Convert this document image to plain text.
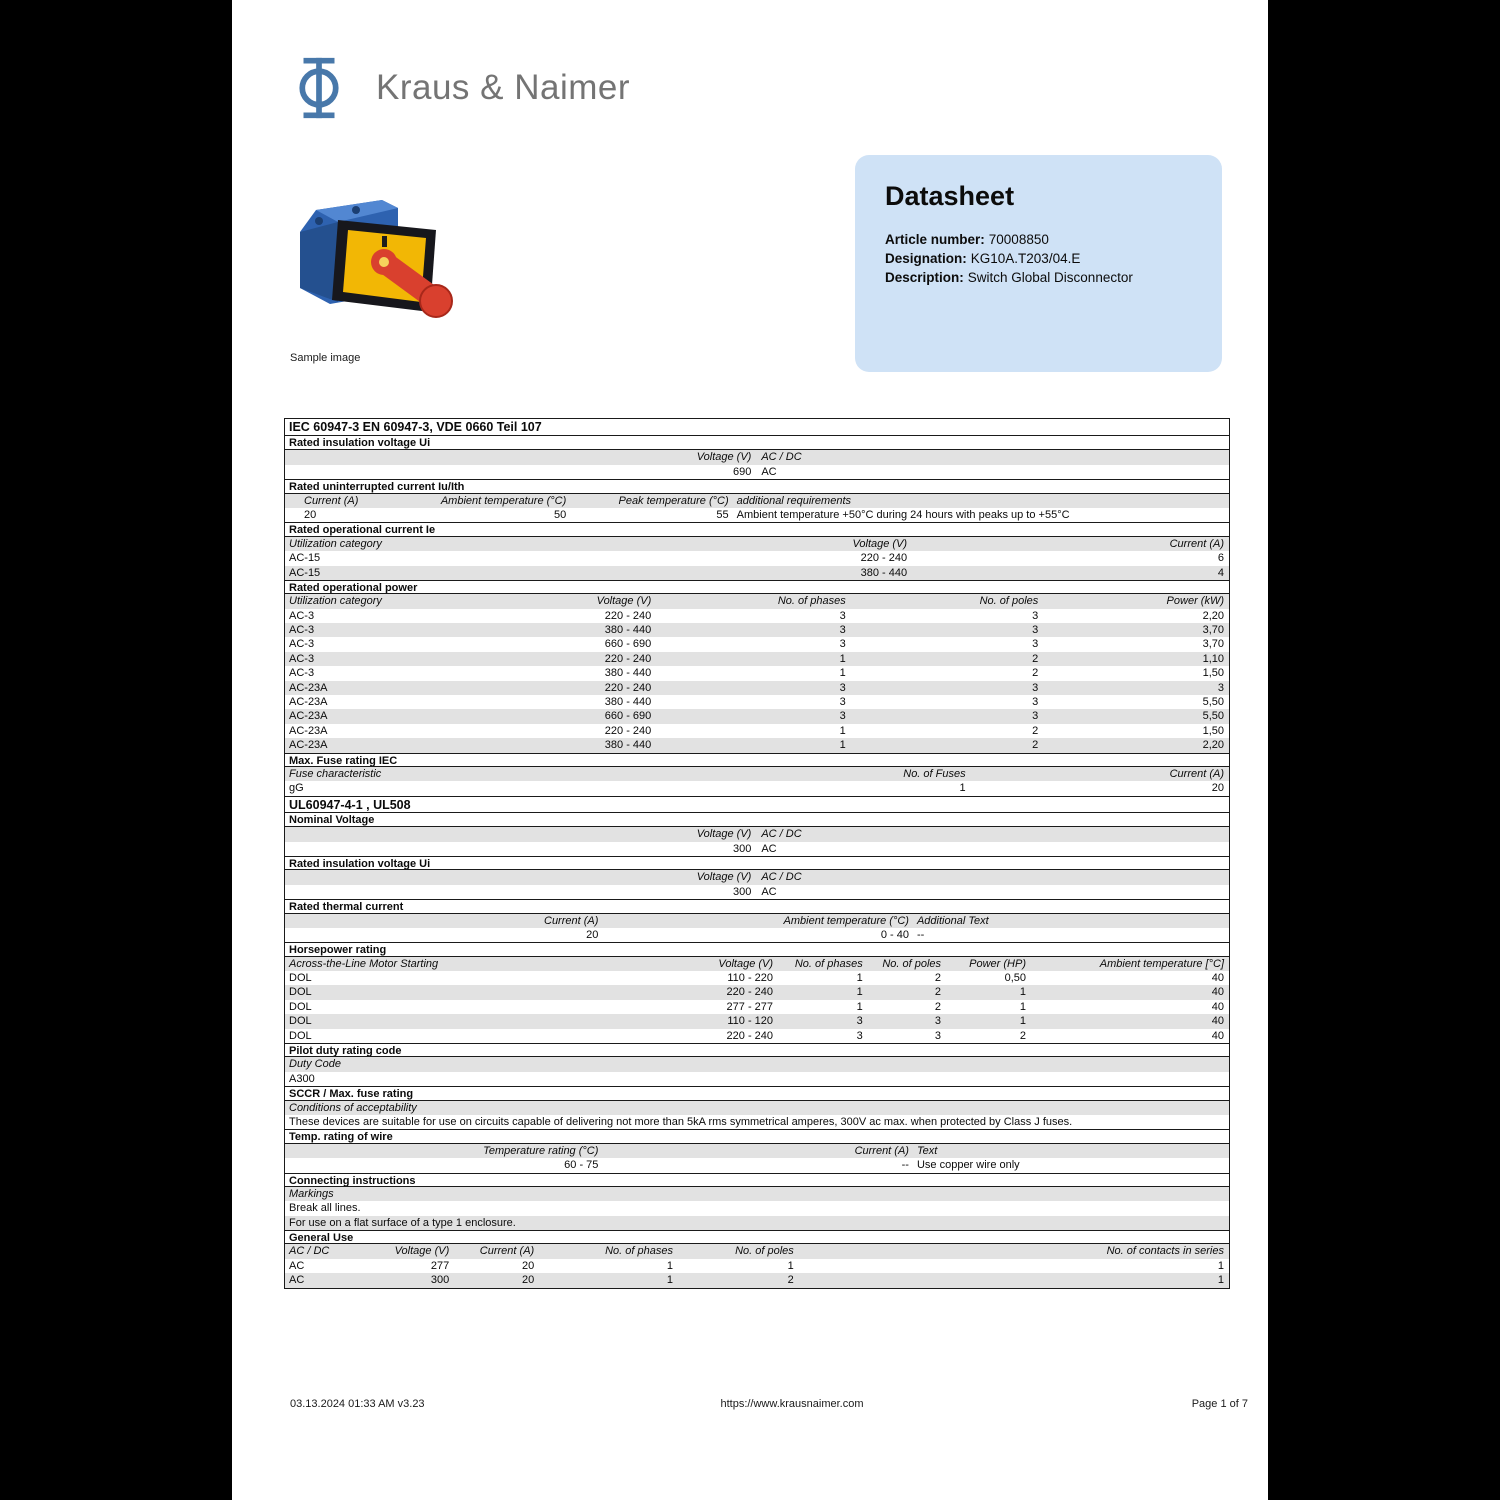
Kraus & Naimer
Sample image
Datasheet
Article number: 70008850
Designation: KG10A.T203/04.E
Description: Switch Global Disconnector
IEC 60947-3 EN 60947-3, VDE 0660 Teil 107
Rated insulation voltage Ui
Voltage (V) AC / DC
690 AC
Rated uninterrupted current Iu/Ith
Current (A)	Ambient temperature (°C)	Peak temperature (°C) additional requirements
20	50	55 Ambient temperature +50°C during 24 hours with peaks up to +55°C
Rated operational current Ie
Utilization category	Voltage (V)	Current (A)
AC-15	220 - 240	6
AC-15	380 - 440	4
Rated operational power
Utilization category	Voltage (V)	No. of phases	No. of poles	Power (kW)
AC-3	220 - 240	3	3	2,20
AC-3	380 - 440	3	3	3,70
AC-3	660 - 690	3	3	3,70
AC-3	220 - 240	1	2	1,10
AC-3	380 - 440	1	2	1,50
AC-23A	220 - 240	3	3	3
AC-23A	380 - 440	3	3	5,50
AC-23A	660 - 690	3	3	5,50
AC-23A	220 - 240	1	2	1,50
AC-23A	380 - 440	1	2	2,20
Max. Fuse rating IEC
Fuse characteristic	No. of Fuses	Current (A)
gG	1	20
UL60947-4-1 , UL508
Nominal Voltage
Voltage (V) AC / DC
300 AC
Rated insulation voltage Ui
Voltage (V) AC / DC
300 AC
Rated thermal current
Current (A)	Ambient temperature (°C) Additional Text
20	0 - 40 --
Horsepower rating
Across-the-Line Motor Starting	Voltage (V)	No. of phases	No. of poles	Power (HP)	Ambient temperature [°C]
DOL	110 - 220	1	2	0,50	40
DOL	220 - 240	1	2	1	40
DOL	277 - 277	1	2	1	40
DOL	110 - 120	3	3	1	40
DOL	220 - 240	3	3	2	40
Pilot duty rating code
Duty Code
A300
SCCR / Max. fuse rating
Conditions of acceptability
These devices are suitable for use on circuits capable of delivering not more than 5kA rms symmetrical amperes, 300V ac max. when protected by Class J fuses.
Temp. rating of wire
Temperature rating (°C)	Current (A) Text
60 - 75	-- Use copper wire only
Connecting instructions
Markings
Break all lines.
For use on a flat surface of a type 1 enclosure.
General Use
AC / DC	Voltage (V)	Current (A)	No. of phases	No. of poles	No. of contacts in series
AC	277	20	1	1	1
AC	300	20	1	2	1
03.13.2024 01:33 AM v3.23	https://www.krausnaimer.com	Page 1 of 7
